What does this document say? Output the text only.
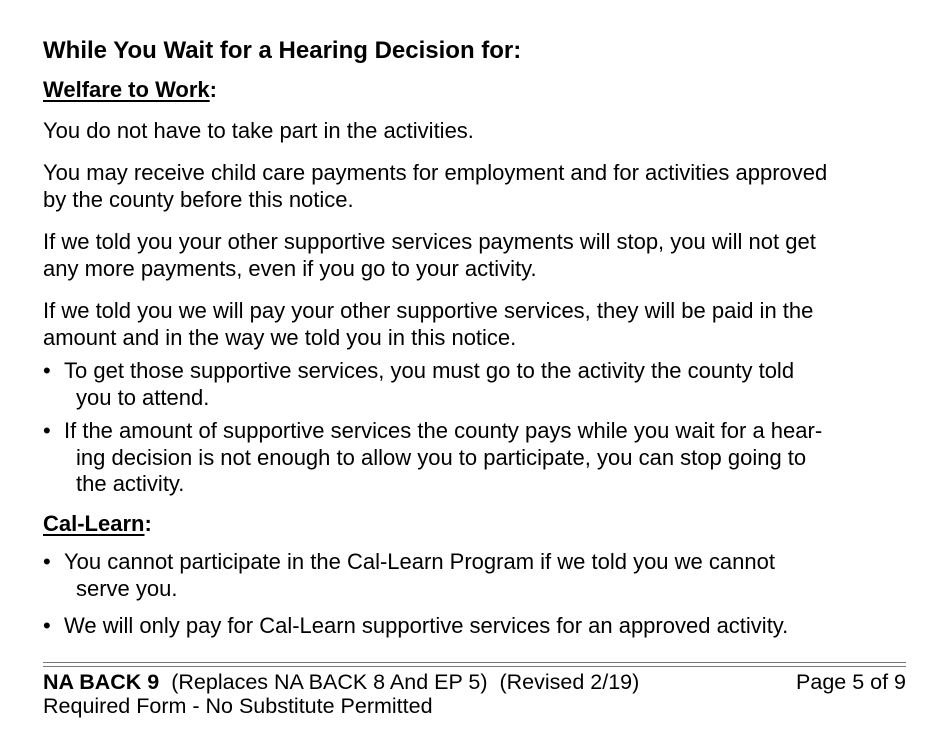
While You Wait for a Hearing Decision for:
Welfare to Work:
You do not have to take part in the activities.
You may receive child care payments for employment and for activities approved
by the county before this notice.
If we told you your other supportive services payments will stop, you will not get
any more payments, even if you go to your activity.
If we told you we will pay your other supportive services, they will be paid in the
amount and in the way we told you in this notice.
• To get those supportive services, you must go to the activity the county told
you to attend.
• If the amount of supportive services the county pays while you wait for a hear-
ing decision is not enough to allow you to participate, you can stop going to
the activity.
Cal-Learn:
• You cannot participate in the Cal-Learn Program if we told you we cannot
serve you.
• We will only pay for Cal-Learn supportive services for an approved activity.
NA BACK 9 (Replaces NA BACK 8 And EP 5) (Revised 2/19)	Page 5 of 9
Required Form - No Substitute Permitted
